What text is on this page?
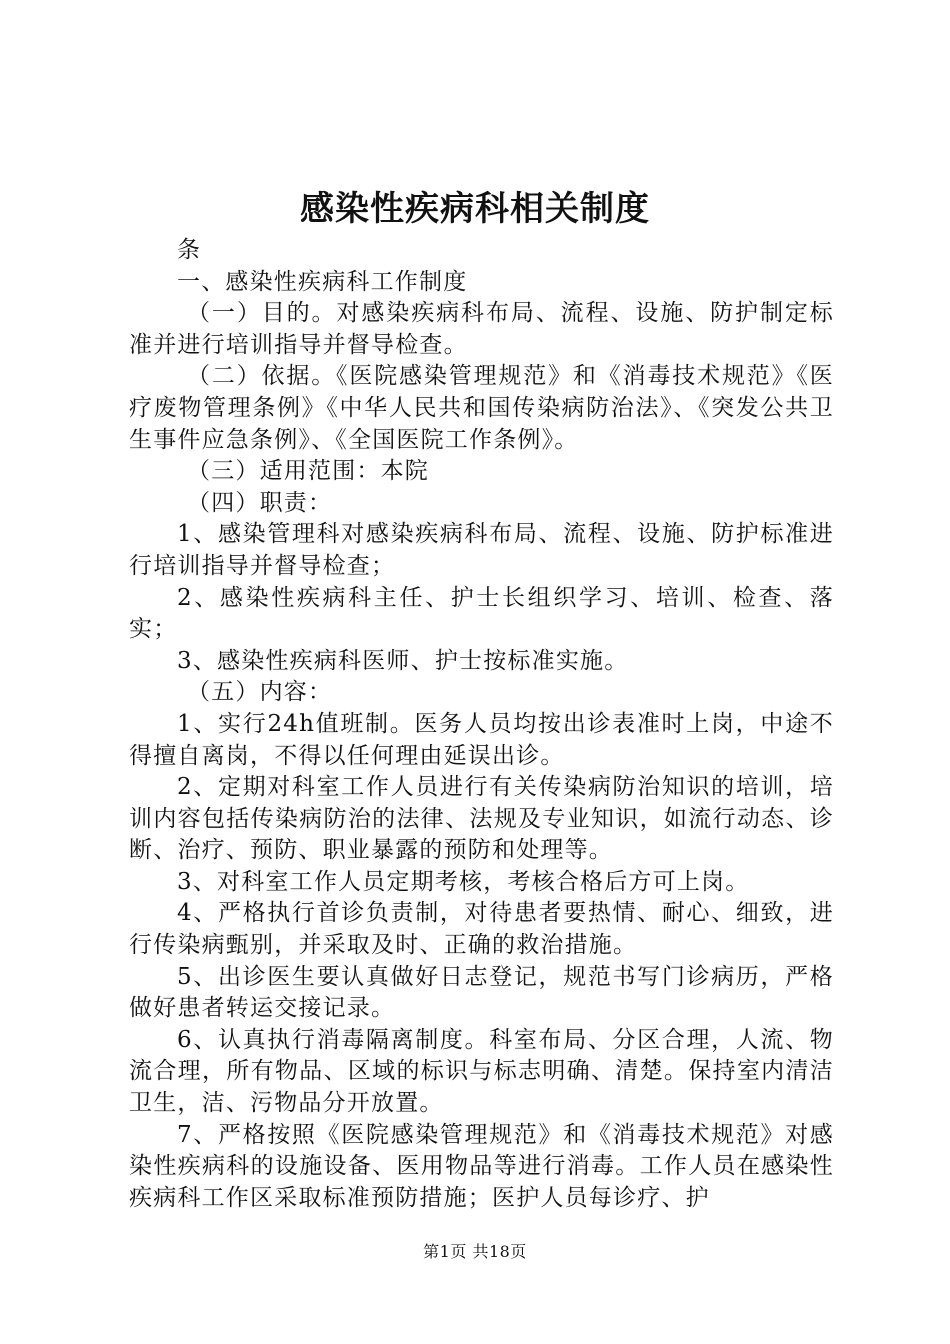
感染性疾病科相关制度

条

一、感染性疾病科工作制度

（一）目的。对感染疾病科布局、流程、设施、防护制定标准并进行培训指导并督导检查。

（二）依据。《医院感染管理规范》和《消毒技术规范》《医疗废物管理条例》《中华人民共和国传染病防治法》、《突发公共卫生事件应急条例》、《全国医院工作条例》。

（三）适用范围：本院

（四）职责：

1、感染管理科对感染疾病科布局、流程、设施、防护标准进行培训指导并督导检查；

2、感染性疾病科主任、护士长组织学习、培训、检查、落实；

3、感染性疾病科医师、护士按标准实施。

（五）内容：

1、实行24h值班制。医务人员均按出诊表准时上岗，中途不得擅自离岗，不得以任何理由延误出诊。

2、定期对科室工作人员进行有关传染病防治知识的培训，培训内容包括传染病防治的法律、法规及专业知识，如流行动态、诊断、治疗、预防、职业暴露的预防和处理等。

3、对科室工作人员定期考核，考核合格后方可上岗。

4、严格执行首诊负责制，对待患者要热情、耐心、细致，进行传染病甄别，并采取及时、正确的救治措施。

5、出诊医生要认真做好日志登记，规范书写门诊病历，严格做好患者转运交接记录。

6、认真执行消毒隔离制度。科室布局、分区合理，人流、物流合理，所有物品、区域的标识与标志明确、清楚。保持室内清洁卫生，洁、污物品分开放置。

7、严格按照《医院感染管理规范》和《消毒技术规范》对感染性疾病科的设施设备、医用物品等进行消毒。工作人员在感染性疾病科工作区采取标准预防措施；医护人员每诊疗、护

第1页 共18页
